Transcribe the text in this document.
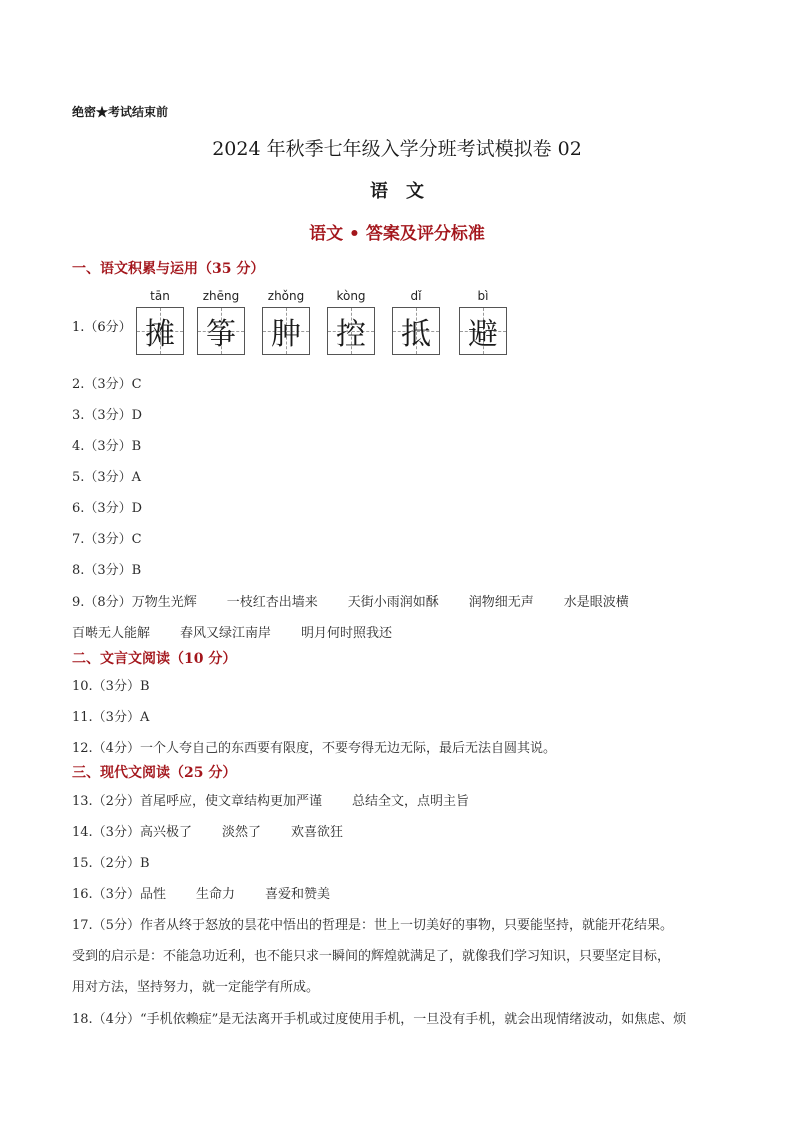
绝密★考试结束前
2024 年秋季七年级入学分班考试模拟卷 02
语文
语文 • 答案及评分标准
一、语文积累与运用（35 分）
1.（6分）
tān
摊
zhēng
筝
zhǒng
肿
kòng
控
dǐ
抵
bì
避
2.（3分）C
3.（3分）D
4.（3分）B
5.（3分）A
6.（3分）D
7.（3分）C
8.（3分）B
9.（8分）万物生光辉 一枝红杏出墙来 天街小雨润如酥 润物细无声 水是眼波横
百啭无人能解 春风又绿江南岸 明月何时照我还
二、文言文阅读（10 分）
10.（3分）B
11.（3分）A
12.（4分）一个人夸自己的东西要有限度，不要夸得无边无际，最后无法自圆其说。
三、现代文阅读（25 分）
13.（2分）首尾呼应，使文章结构更加严谨 总结全文，点明主旨
14.（3分）高兴极了 淡然了 欢喜欲狂
15.（2分）B
16.（3分）品性 生命力 喜爱和赞美
17.（5分）作者从终于怒放的昙花中悟出的哲理是：世上一切美好的事物，只要能坚持，就能开花结果。
受到的启示是：不能急功近利，也不能只求一瞬间的辉煌就满足了，就像我们学习知识，只要坚定目标，
用对方法，坚持努力，就一定能学有所成。
18.（4分）“手机依赖症”是无法离开手机或过度使用手机，一旦没有手机，就会出现情绪波动，如焦虑、烦
